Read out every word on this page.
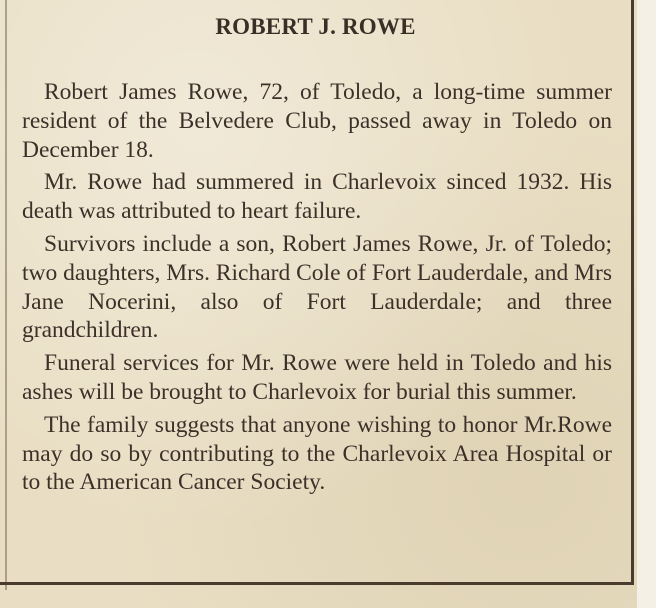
ROBERT J. ROWE

Robert James Rowe, 72, of Toledo, a long-time summer resident of the Belvedere Club, passed away in Toledo on December 18.

Mr. Rowe had summered in Charlevoix sinced 1932. His death was attributed to heart failure.

Survivors include a son, Robert James Rowe, Jr. of Toledo; two daughters, Mrs. Richard Cole of Fort Lauderdale, and Mrs Jane Nocerini, also of Fort Lauderdale; and three grandchildren.

Funeral services for Mr. Rowe were held in Toledo and his ashes will be brought to Charlevoix for burial this summer.

The family suggests that anyone wishing to honor Mr.Rowe may do so by contributing to the Charlevoix Area Hospital or to the American Cancer Society.
